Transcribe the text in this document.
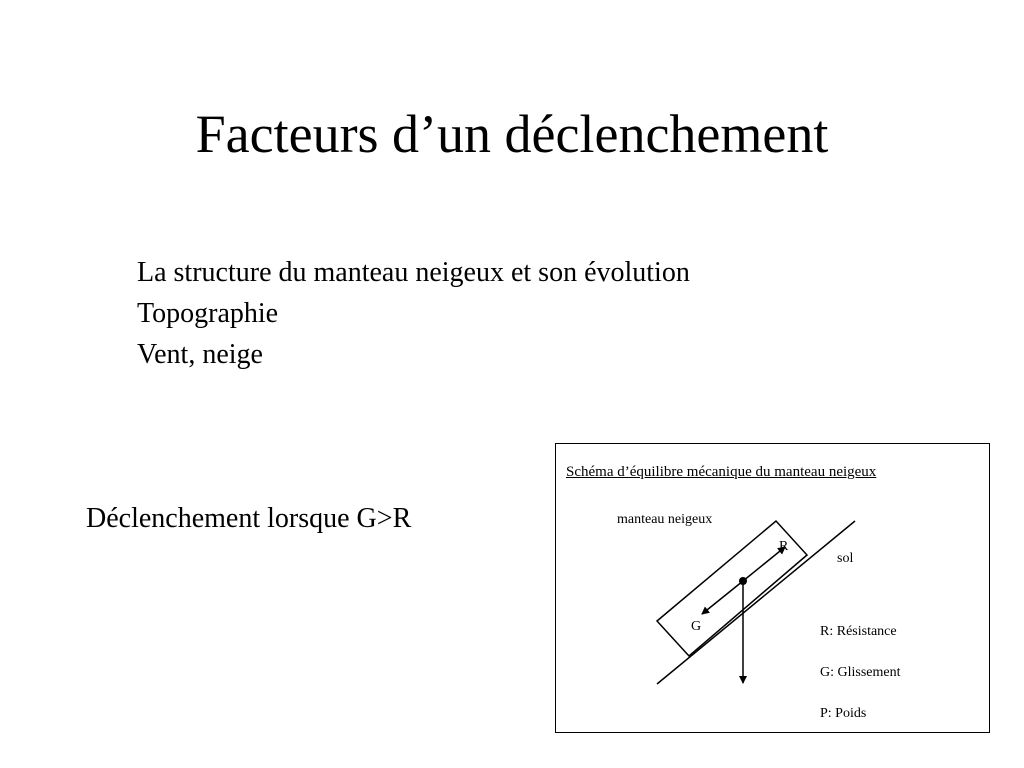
Facteurs d’un déclenchement
La structure du manteau neigeux et son évolution
Topographie
Vent, neige
Déclenchement lorsque G>R
Schéma d’équilibre mécanique du manteau neigeux
manteau neigeux
R
sol
G	R: Résistance
G: Glissement
P: Poids
